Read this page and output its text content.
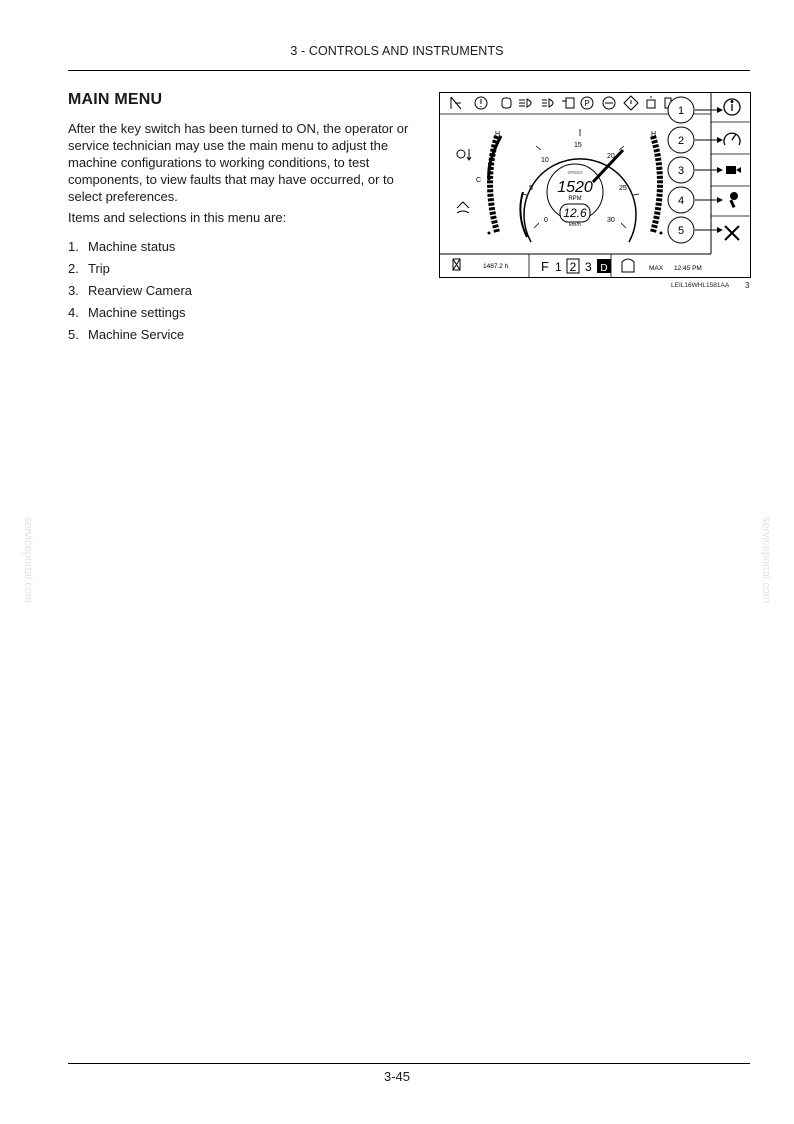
3 - CONTROLS AND INSTRUMENTS
MAIN MENU

After the key switch has been turned to ON, the operator or service technician may use the main menu to adjust the machine configurations to working conditions, to test components, to view faults that may have occurred, or to select preferences.

Items and selections in this menu are:

1. Machine status
2. Trip
3. Rearview Camera
4. Machine settings
5. Machine Service
P
1
2
3
4
5
H
C
H
0
5
10
15
20
25
30
SPEED
1520
RPM
12.6
km/h
1487.2 h	F 1 2 3 D	MAX 12:45 PM
LEIL16WHL1581AA 3
serviceportal.com	serviceportal.com
3-45
